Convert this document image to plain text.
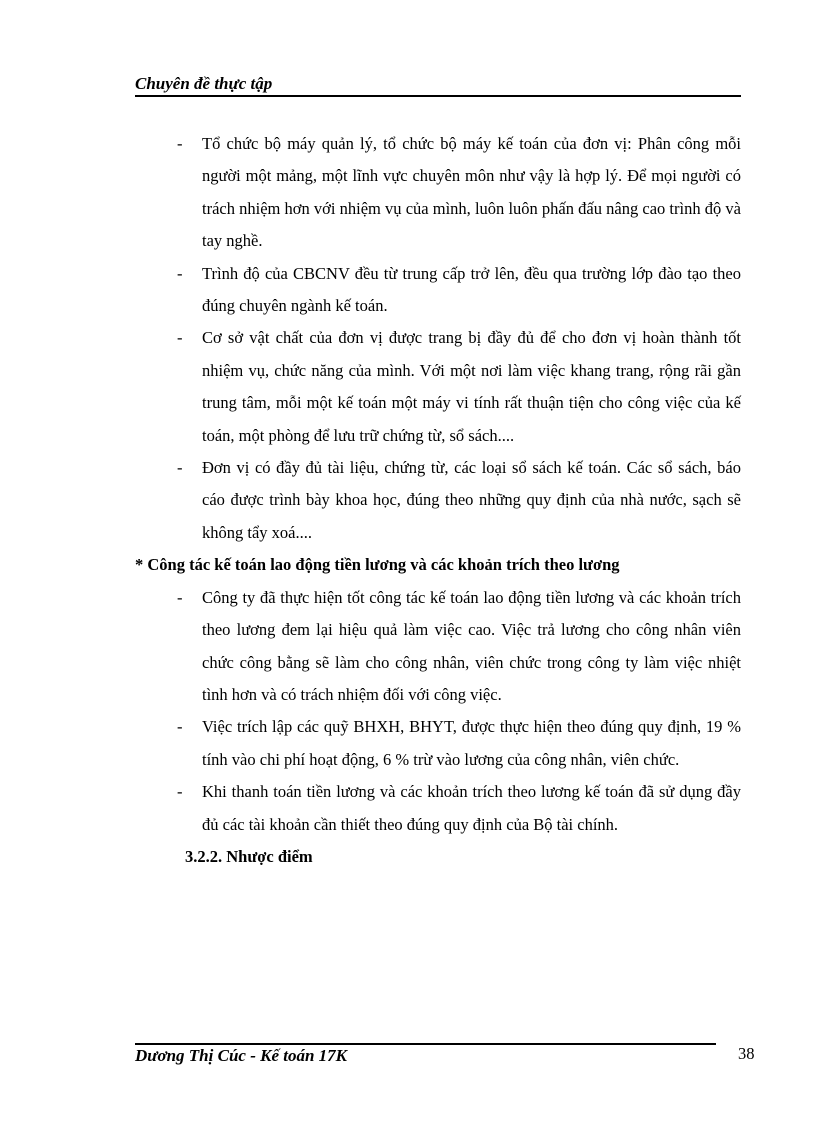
Chuyên đề thực tập

- Tổ chức bộ máy quản lý, tổ chức bộ máy kế toán của đơn vị: Phân công mỗi người một mảng, một lĩnh vực chuyên môn như vậy là hợp lý. Để mọi người có trách nhiệm hơn với nhiệm vụ của mình, luôn luôn phấn đấu nâng cao trình độ và tay nghề.

- Trình độ của CBCNV đều từ trung cấp trở lên, đều qua trường lớp đào tạo theo đúng chuyên ngành kế toán.

- Cơ sở vật chất của đơn vị được trang bị đầy đủ để cho đơn vị hoàn thành tốt nhiệm vụ, chức năng của mình. Với một nơi làm việc khang trang, rộng rãi gần trung tâm, mỗi một kế toán một máy vi tính rất thuận tiện cho công việc của kế toán, một phòng để lưu trữ chứng từ, sổ sách....

- Đơn vị có đầy đủ tài liệu, chứng từ, các loại sổ sách kế toán. Các sổ sách, báo cáo được trình bày khoa học, đúng theo những quy định của nhà nước, sạch sẽ không tẩy xoá....

* Công tác kế toán lao động tiền lương và các khoản trích theo lương

- Công ty đã thực hiện tốt công tác kế toán lao động tiền lương và các khoản trích theo lương đem lại hiệu quả làm việc cao. Việc trả lương cho công nhân viên chức công bằng sẽ làm cho công nhân, viên chức trong công ty làm việc nhiệt tình hơn và có trách nhiệm đối với công việc.

- Việc trích lập các quỹ BHXH, BHYT, được thực hiện theo đúng quy định, 19 % tính vào chi phí hoạt động, 6 % trừ vào lương của công nhân, viên chức.

- Khi thanh toán tiền lương và các khoản trích theo lương kế toán đã sử dụng đầy đủ các tài khoản cần thiết theo đúng quy định của Bộ tài chính.

3.2.2. Nhược điểm

Dương Thị Cúc - Kế toán 17K	38
